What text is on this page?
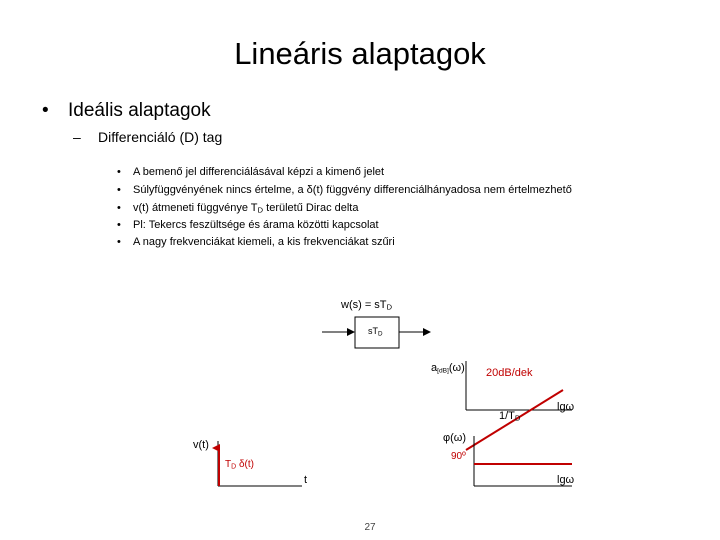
Lineáris alaptagok
• Ideális alaptagok
– Differenciáló (D) tag
• A bemenő jel differenciálásával képzi a kimenő jelet
• Súlyfüggvényének nincs értelme, a δ(t) függvény differenciálhányadosa nem értelmezhető
• v(t) átmeneti függvénye $T_D$ területű Dirac delta
• Pl: Tekercs feszültsége és árama közötti kapcsolat
• A nagy frekvenciákat kiemeli, a kis frekvenciákat szűri
$w(s) = sT_D$
$sT_D$
v(t)
$T_D$ δ(t)
t
$a_{[dB]}(\omega)$ 20dB/dek
$1/T_D$
lgω
φ(ω)
90º
lgω
27
